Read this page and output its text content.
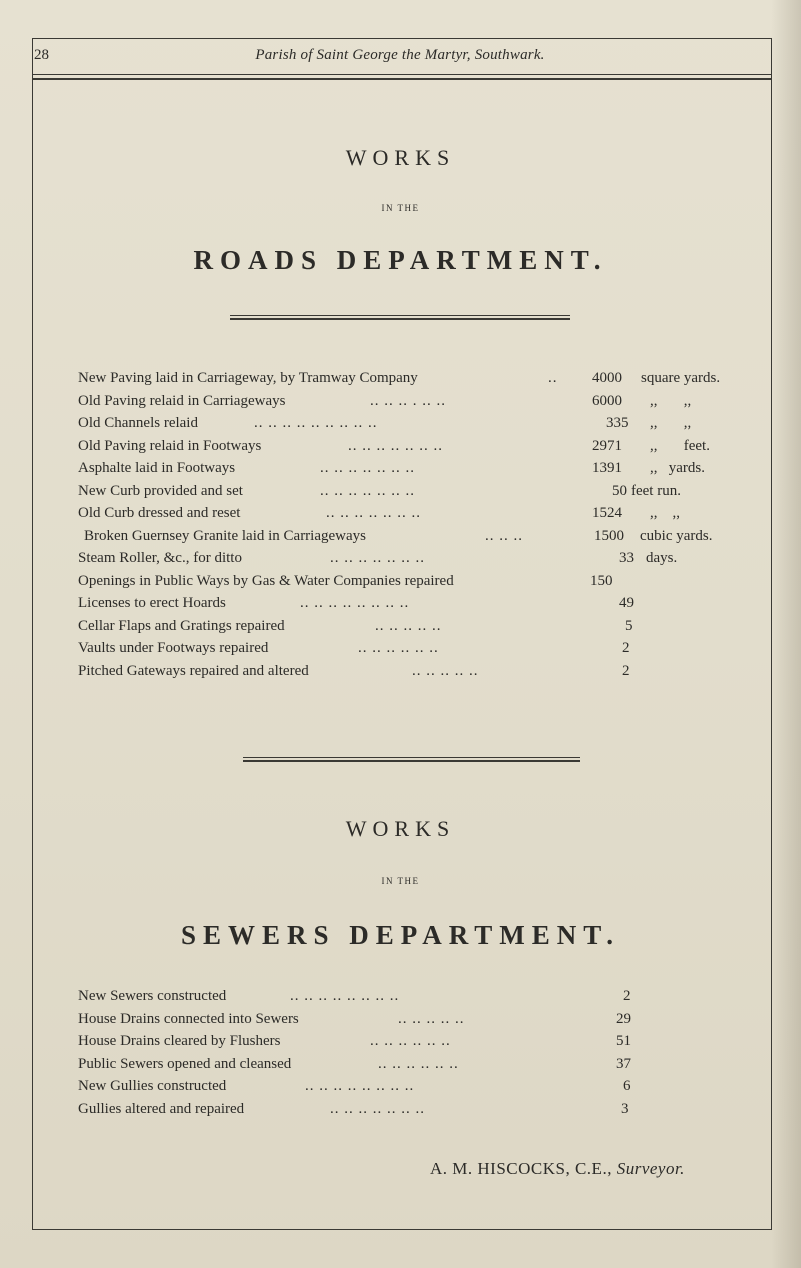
28	Parish of Saint George the Martyr, Southwark.
WORKS
IN THE
ROADS DEPARTMENT.
New Paving laid in Carriageway, by Tramway Company	.. 4000 square yards.
Old Paving relaid in Carriageways	.. .. .. . .. ..	6000 ,,       ,,
Old Channels relaid	.. .. .. .. .. .. .. .. ..	335 ,,       ,,
Old Paving relaid in Footways	.. .. .. .. .. .. ..	2971 ,,       feet.
Asphalte laid in Footways	.. .. .. .. .. .. ..	1391 ,,   yards.
New Curb provided and set	.. .. .. .. .. .. ..	50 feet run.
Old Curb dressed and reset	.. .. .. .. .. .. ..	1524 ,,    ,,
Broken Guernsey Granite laid in Carriageways	.. .. ..	1500 cubic yards.
Steam Roller, &c., for ditto	.. .. .. .. .. .. ..	33 days.
Openings in Public Ways by Gas & Water Companies repaired	150
Licenses to erect Hoards	.. .. .. .. .. .. .. ..	49
Cellar Flaps and Gratings repaired	.. .. .. .. ..	5
Vaults under Footways repaired	.. .. .. .. .. ..	2
Pitched Gateways repaired and altered	.. .. .. .. ..	2
WORKS
IN THE
SEWERS DEPARTMENT.
New Sewers constructed	.. .. .. .. .. .. .. ..	2
House Drains connected into Sewers	.. .. .. .. ..	29
House Drains cleared by Flushers	.. .. .. .. .. ..	51
Public Sewers opened and cleansed	.. .. .. .. .. ..	37
New Gullies constructed	.. .. .. .. .. .. .. ..	6
Gullies altered and repaired	.. .. .. .. .. .. ..	3
A. M. HISCOCKS, C.E., Surveyor.
